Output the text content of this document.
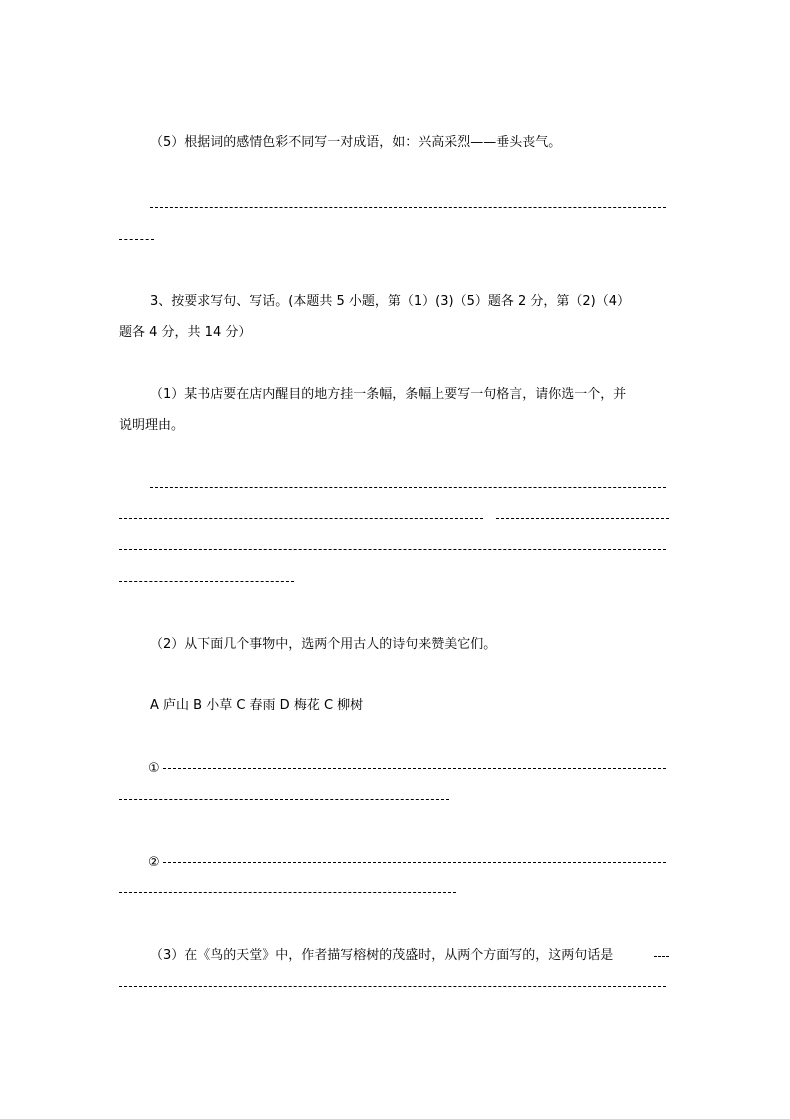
（5）根据词的感情色彩不同写一对成语，如：兴高采烈——垂头丧气。
3、按要求写句、写话。(本题共 5 小题，第（1）(3)（5）题各 2 分，第（2)（4）
题各 4 分，共 14 分）
（1）某书店要在店内醒目的地方挂一条幅，条幅上要写一句格言，请你选一个，并
说明理由。
（2）从下面几个事物中，选两个用古人的诗句来赞美它们。
A 庐山 B 小草 C 春雨 D 梅花 C 柳树
①
②
（3）在《鸟的天堂》中，作者描写榕树的茂盛时，从两个方面写的，这两句话是
